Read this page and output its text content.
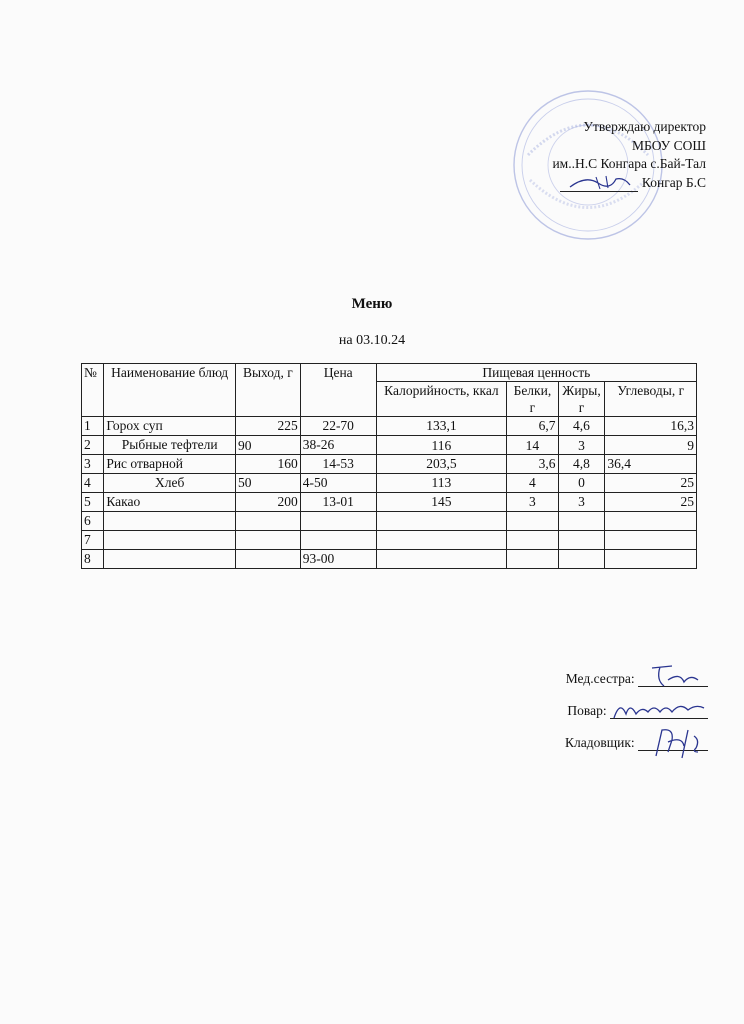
Утверждаю директор
МБОУ СОШ
им..Н.С Конгара с.Бай-Тал
Конгар Б.С
Меню
на 03.10.24
№	Наименование блюд	Выход, г	Цена	Пищевая ценность			
				Калорийность, ккал	Белки, г	Жиры, г	Углеводы, г
1	Горох суп	225	22-70	133,1	6,7	4,6	16,3
2	Рыбные тефтели	90	38-26	116	14	3	9
3	Рис отварной	160	14-53	203,5	3,6	4,8	36,4
4	Хлеб	50	4-50	113	4	0	25
5	Какао	200	13-01	145	3	3	25
6							
7							
8			93-00				
Мед.сестра:
Повар:
Кладовщик:
